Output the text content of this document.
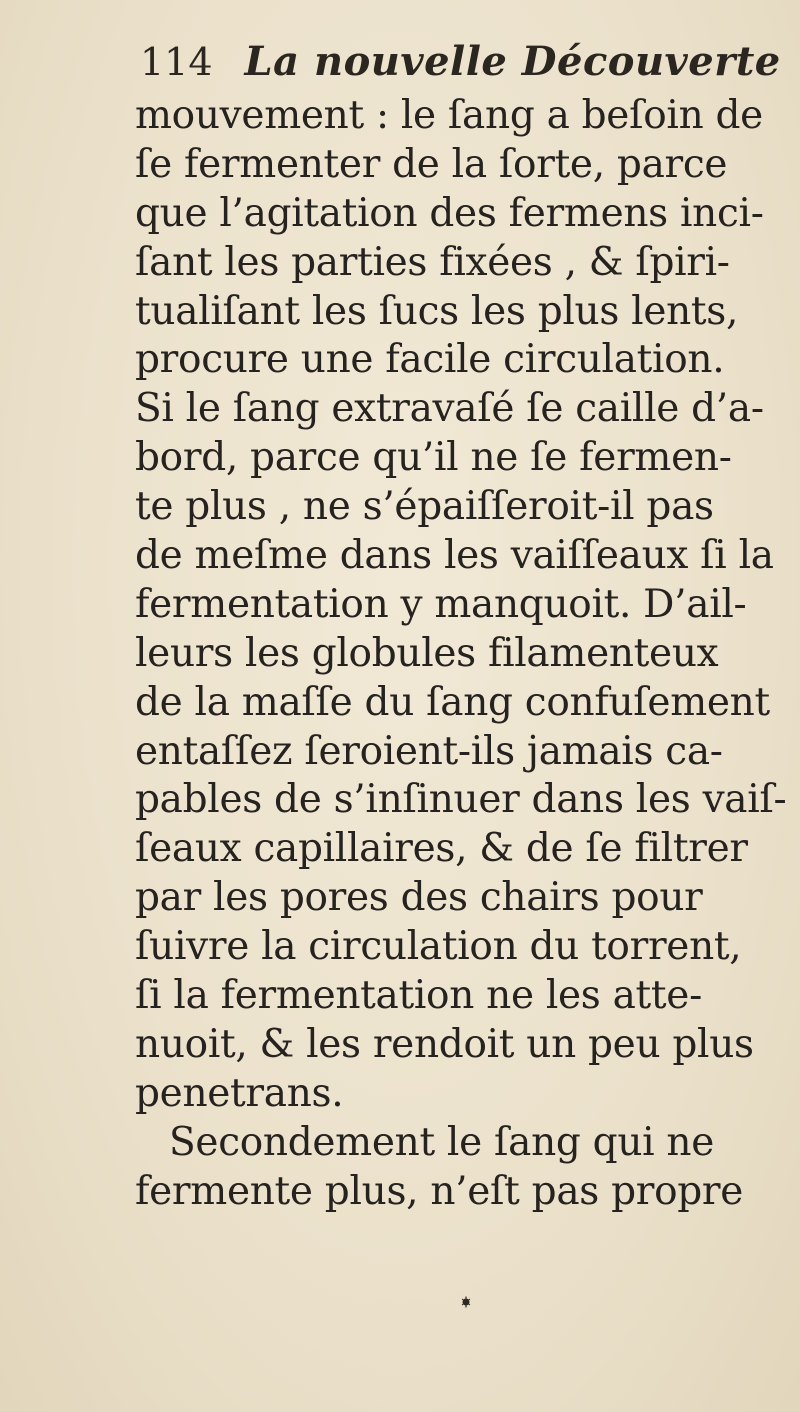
114 La nouvelle Découverte
mouvement : le ſang a beſoin de
ſe fermenter de la ſorte, parce
que l’agitation des fermens inci-
ſant les parties fixées , & ſpiri-
tualiſant les ſucs les plus lents,
procure une facile circulation.
Si le ſang extravaſé ſe caille d’a-
bord, parce qu’il ne ſe fermen-
te plus , ne s’épaiſſeroit-il pas
de meſme dans les vaiſſeaux ſi la
fermentation y manquoit. D’ail-
leurs les globules filamenteux
de la maſſe du ſang confuſement
entaſſez ſeroient-ils jamais ca-
pables de s’inſinuer dans les vaiſ-
ſeaux capillaires, & de ſe filtrer
par les pores des chairs pour
ſuivre la circulation du torrent,
ſi la fermentation ne les atte-
nuoit, & les rendoit un peu plus
penetrans.
Secondement le ſang qui ne
fermente plus, n’eſt pas propre
